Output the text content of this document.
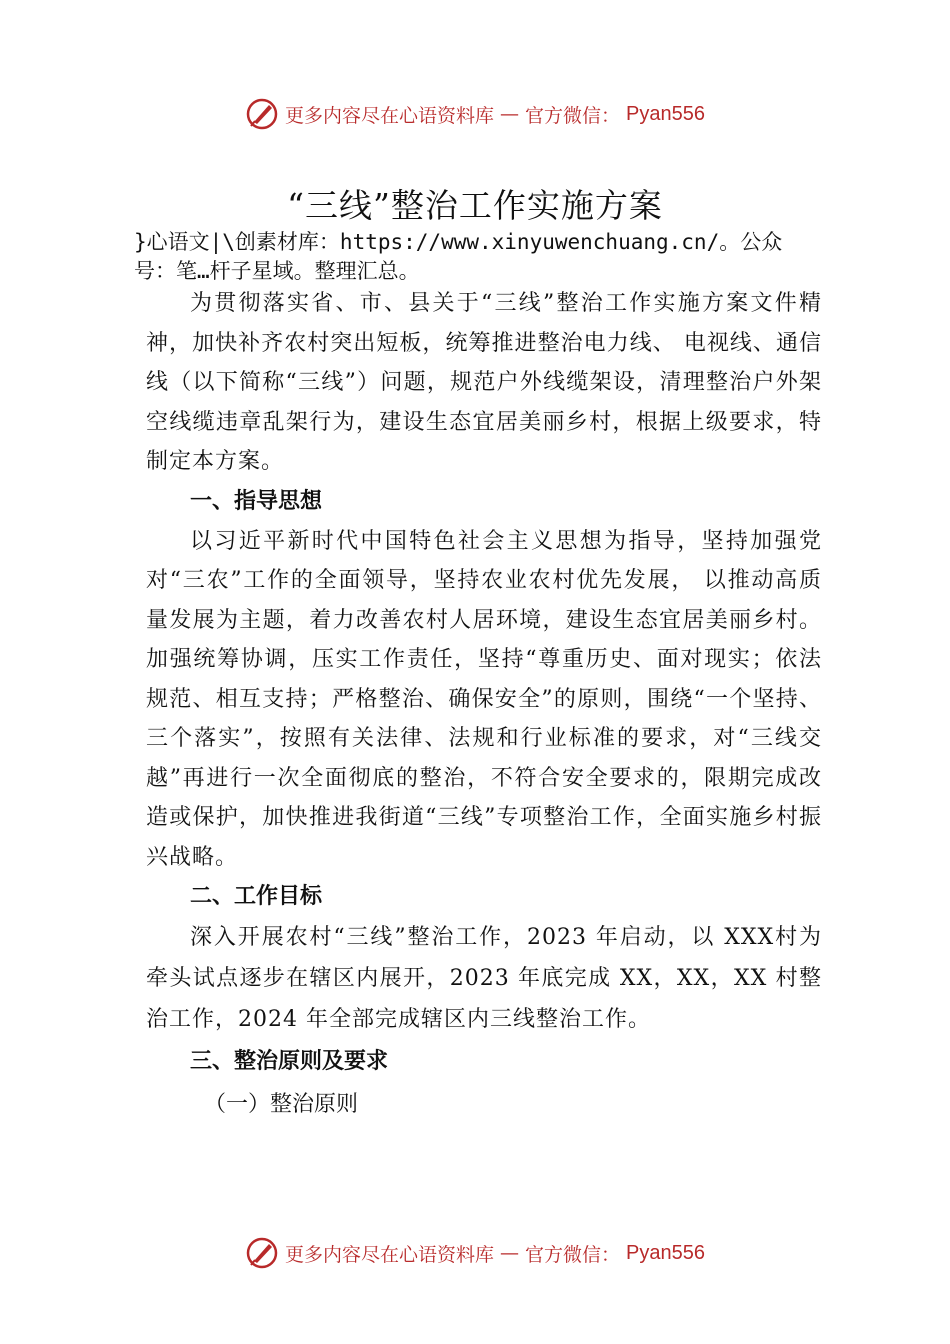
更多内容尽在心语资料库 — 官方微信： Pyan556
“三线”整治工作实施方案
}心语文|\创素材库：https://www.xinyuwenchuang.cn/。公众号：笔…杆子星域。整理汇总。

为贯彻落实省、市、县关于“三线”整治工作实施方案文件精神，加快补齐农村突出短板，统筹推进整治电力线、 电视线、通信线（以下简称“三线”）问题，规范户外线缆架设，清理整治户外架空线缆违章乱架行为，建设生态宜居美丽乡村，根据上级要求，特制定本方案。

一、指导思想

以习近平新时代中国特色社会主义思想为指导，坚持加强党对“三农”工作的全面领导，坚持农业农村优先发展， 以推动高质量发展为主题，着力改善农村人居环境，建设生态宜居美丽乡村。加强统筹协调，压实工作责任，坚持“尊重历史、面对现实；依法规范、相互支持；严格整治、确保安全”的原则，围绕“一个坚持、三个落实”，按照有关法律、法规和行业标准的要求，对“三线交越”再进行一次全面彻底的整治，不符合安全要求的，限期完成改造或保护，加快推进我街道“三线”专项整治工作，全面实施乡村振兴战略。

二、工作目标

深入开展农村“三线”整治工作，2023 年启动，以 XXX村为牵头试点逐步在辖区内展开，2023 年底完成 XX，XX，XX 村整治工作，2024 年全部完成辖区内三线整治工作。

三、整治原则及要求

（一）整治原则

更多内容尽在心语资料库 — 官方微信： Pyan556
